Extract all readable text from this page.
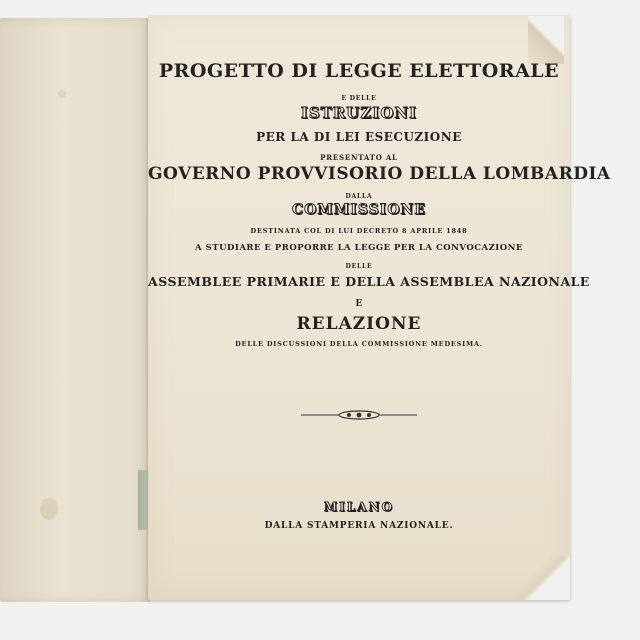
PROGETTO DI LEGGE ELETTORALE
E DELLE
ISTRUZIONI
PER LA DI LEI ESECUZIONE
PRESENTATO AL
GOVERNO PROVVISORIO DELLA LOMBARDIA
DALLA
COMMISSIONE
DESTINATA COL DI LUI DECRETO 8 APRILE 1848
A STUDIARE E PROPORRE LA LEGGE PER LA CONVOCAZIONE
DELLE
ASSEMBLEE PRIMARIE E DELLA ASSEMBLEA NAZIONALE
E
RELAZIONE
DELLE DISCUSSIONI DELLA COMMISSIONE MEDESIMA.
MILANO
DALLA STAMPERIA NAZIONALE.
